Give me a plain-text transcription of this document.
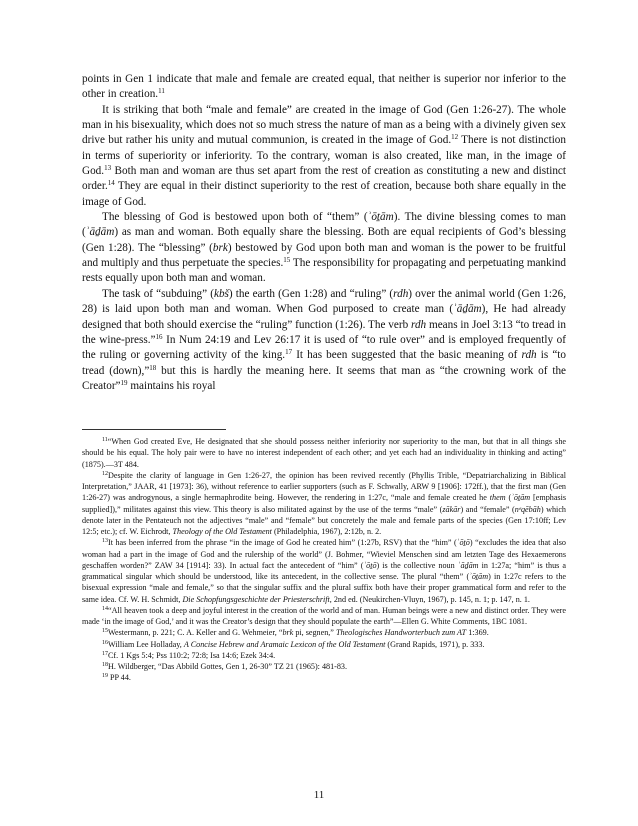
points in Gen 1 indicate that male and female are created equal, that neither is superior nor inferior to the other in creation.$^{11}$

It is striking that both “male and female” are created in the image of God (Gen 1:26-27). The whole man in his bisexuality, which does not so much stress the nature of man as a being with a divinely given sex drive but rather his unity and mutual communion, is created in the image of God.$^{12}$ There is not distinction in terms of superiority or inferiority. To the contrary, woman is also created, like man, in the image of God.$^{13}$ Both man and woman are thus set apart from the rest of creation as constituting a new and distinct order.$^{14}$ They are equal in their distinct superiority to the rest of creation, because both share equally in the image of God.

The blessing of God is bestowed upon both of “them” (ʾōṯām). The divine blessing comes to man (ʾāḏām) as man and woman. Both equally share the blessing. Both are equal recipients of God’s blessing (Gen 1:28). The “blessing” (brk) bestowed by God upon both man and woman is the power to be fruitful and multiply and thus perpetuate the species.$^{15}$ The responsibility for propagating and perpetuating mankind rests equally upon both man and woman.

The task of “subduing” (kbš) the earth (Gen 1:28) and “ruling” (rdh) over the animal world (Gen 1:26, 28) is laid upon both man and woman. When God purposed to create man (ʾāḏām), He had already designed that both should exercise the “ruling” function (1:26). The verb rdh means in Joel 3:13 “to tread in the wine-press.”$^{16}$ In Num 24:19 and Lev 26:17 it is used of “to rule over” and is employed frequently of the ruling or governing activity of the king.$^{17}$ It has been suggested that the basic meaning of rdh is “to tread (down),”$^{18}$ but this is hardly the meaning here. It seems that man as “the crowning work of the Creator”$^{19}$ maintains his royal

$^{11}$“When God created Eve, He designated that she should possess neither inferiority nor superiority to the man, but that in all things she should be his equal. The holy pair were to have no interest independent of each other; and yet each had an individuality in thinking and acting” (1875).—3T 484.

$^{12}$Despite the clarity of language in Gen 1:26-27, the opinion has been revived recently (Phyllis Trible, “Depatriarchalizing in Biblical Interpretation,” JAAR, 41 [1973]: 36), without reference to earlier supporters (such as F. Schwally, ARW 9 [1906]: 172ff.), that the first man (Gen 1:26-27) was androgynous, a single hermaphrodite being. However, the rendering in 1:27c, “male and female created he them (ʾōṯām [emphasis supplied]),” militates against this view. This theory is also militated against by the use of the terms “male” (zākār) and “female” (nᵉqēbāh) which denote later in the Pentateuch not the adjectives “male” and “female” but concretely the male and female parts of the species (Gen 17:10ff; Lev 12:5; etc.); cf. W. Eichrodt, Theology of the Old Testament (Philadelphia, 1967), 2:12b, n. 2.

$^{13}$It has been inferred from the phrase “in the image of God he created him” (1:27b, RSV) that the “him” (ʾōṯō) “excludes the idea that also woman had a part in the image of God and the rulership of the world” (J. Bohmer, “Wieviel Menschen sind am letzten Tage des Hexaemerons geschaffen worden?” ZAW 34 [1914]: 33). In actual fact the antecedent of “him” (ʾōṯō) is the collective noun ʾāḏām in 1:27a; “him” is thus a grammatical singular which should be understood, like its antecedent, in the collective sense. The plural “them” (ʾōṯām) in 1:27c refers to the bisexual expression “male and female,” so that the singular suffix and the plural suffix both have their proper grammatical form and refer to the same idea. Cf. W. H. Schmidt, Die Schopfungsgeschichte der Priesterschrift, 2nd ed. (Neukirchen-Vluyn, 1967), p. 145, n. 1; p. 147, n. 1.

$^{14}$“All heaven took a deep and joyful interest in the creation of the world and of man. Human beings were a new and distinct order. They were made ‘in the image of God,’ and it was the Creator’s design that they should populate the earth”—Ellen G. White Comments, 1BC 1081.

$^{15}$Westermann, p. 221; C. A. Keller and G. Wehmeier, “brk pi, segnen,” Theologisches Handworterbuch zum AT 1:369.

$^{16}$William Lee Holladay, A Concise Hebrew and Aramaic Lexicon of the Old Testament (Grand Rapids, 1971), p. 333.

$^{17}$Cf. 1 Kgs 5:4; Pss 110:2; 72:8; Isa 14:6; Ezek 34:4.

$^{18}$H. Wildberger, “Das Abbild Gottes, Gen 1, 26-30” TZ 21 (1965): 481-83.

$^{19}$ PP 44.

11
